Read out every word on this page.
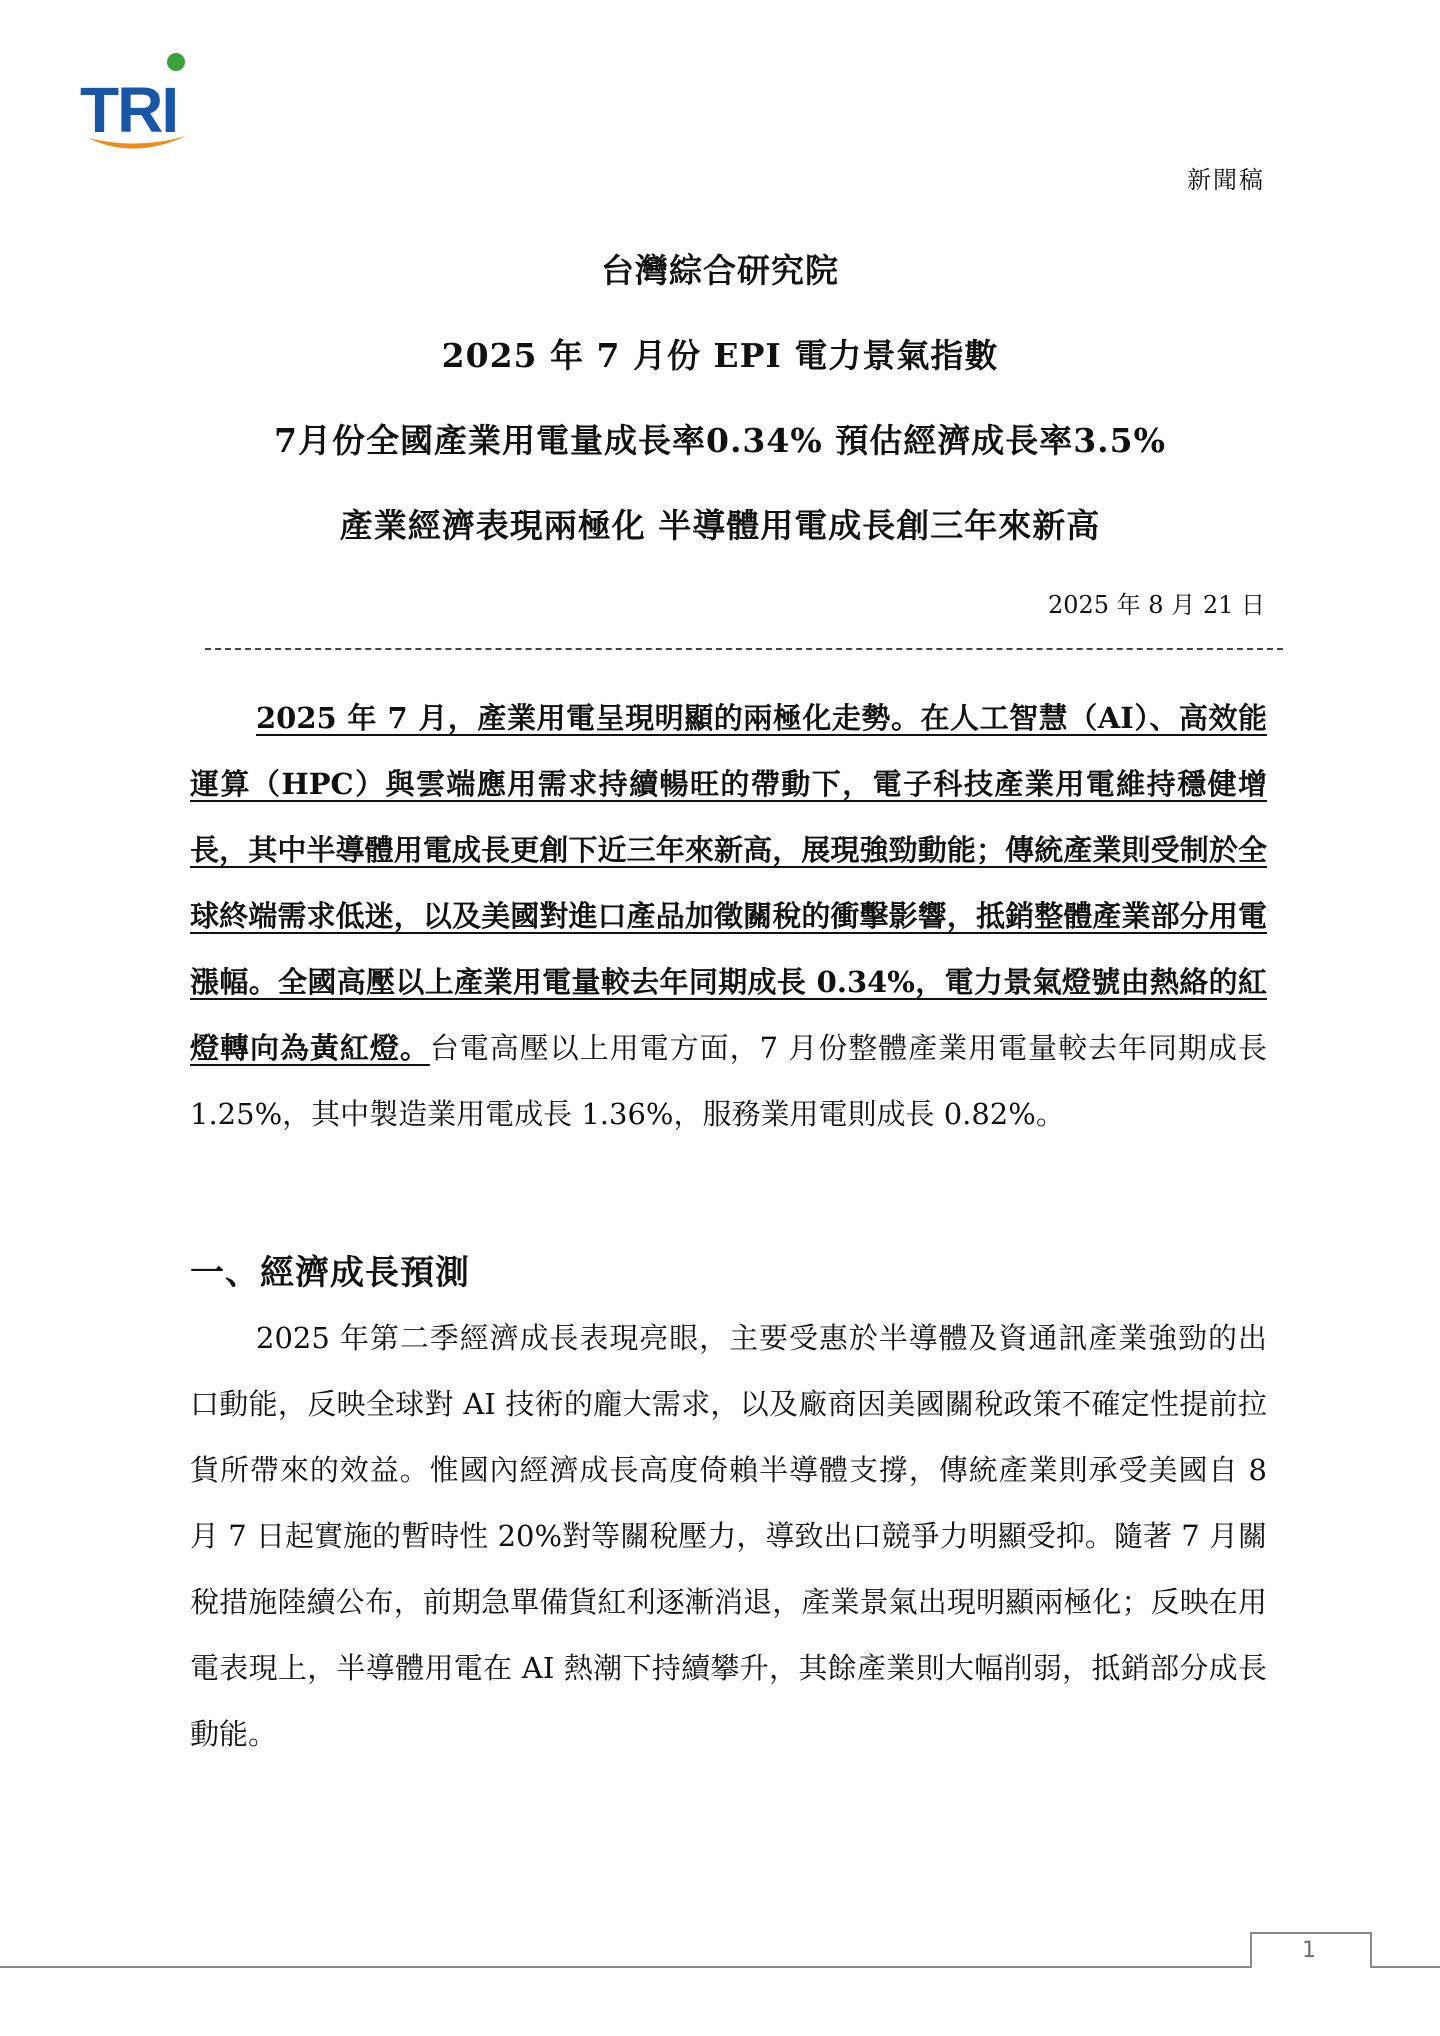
TRI
新聞稿
台灣綜合研究院
2025 年 7 月份 EPI 電力景氣指數
7月份全國產業用電量成長率0.34% 預估經濟成長率3.5%
產業經濟表現兩極化 半導體用電成長創三年來新高
2025 年 8 月 21 日
2025 年 7 月，產業用電呈現明顯的兩極化走勢。在人工智慧（AI）、高效能運算（HPC）與雲端應用需求持續暢旺的帶動下，電子科技產業用電維持穩健增長，其中半導體用電成長更創下近三年來新高，展現強勁動能；傳統產業則受制於全球終端需求低迷，以及美國對進口產品加徵關稅的衝擊影響，抵銷整體產業部分用電漲幅。全國高壓以上產業用電量較去年同期成長 0.34%，電力景氣燈號由熱絡的紅燈轉向為黃紅燈。台電高壓以上用電方面，7 月份整體產業用電量較去年同期成長 1.25%，其中製造業用電成長 1.36%，服務業用電則成長 0.82%。
一、經濟成長預測
2025 年第二季經濟成長表現亮眼，主要受惠於半導體及資通訊產業強勁的出口動能，反映全球對 AI 技術的龐大需求，以及廠商因美國關稅政策不確定性提前拉貨所帶來的效益。惟國內經濟成長高度倚賴半導體支撐，傳統產業則承受美國自 8 月 7 日起實施的暫時性 20%對等關稅壓力，導致出口競爭力明顯受抑。隨著 7 月關稅措施陸續公布，前期急單備貨紅利逐漸消退，產業景氣出現明顯兩極化；反映在用電表現上，半導體用電在 AI 熱潮下持續攀升，其餘產業則大幅削弱，抵銷部分成長動能。
1
